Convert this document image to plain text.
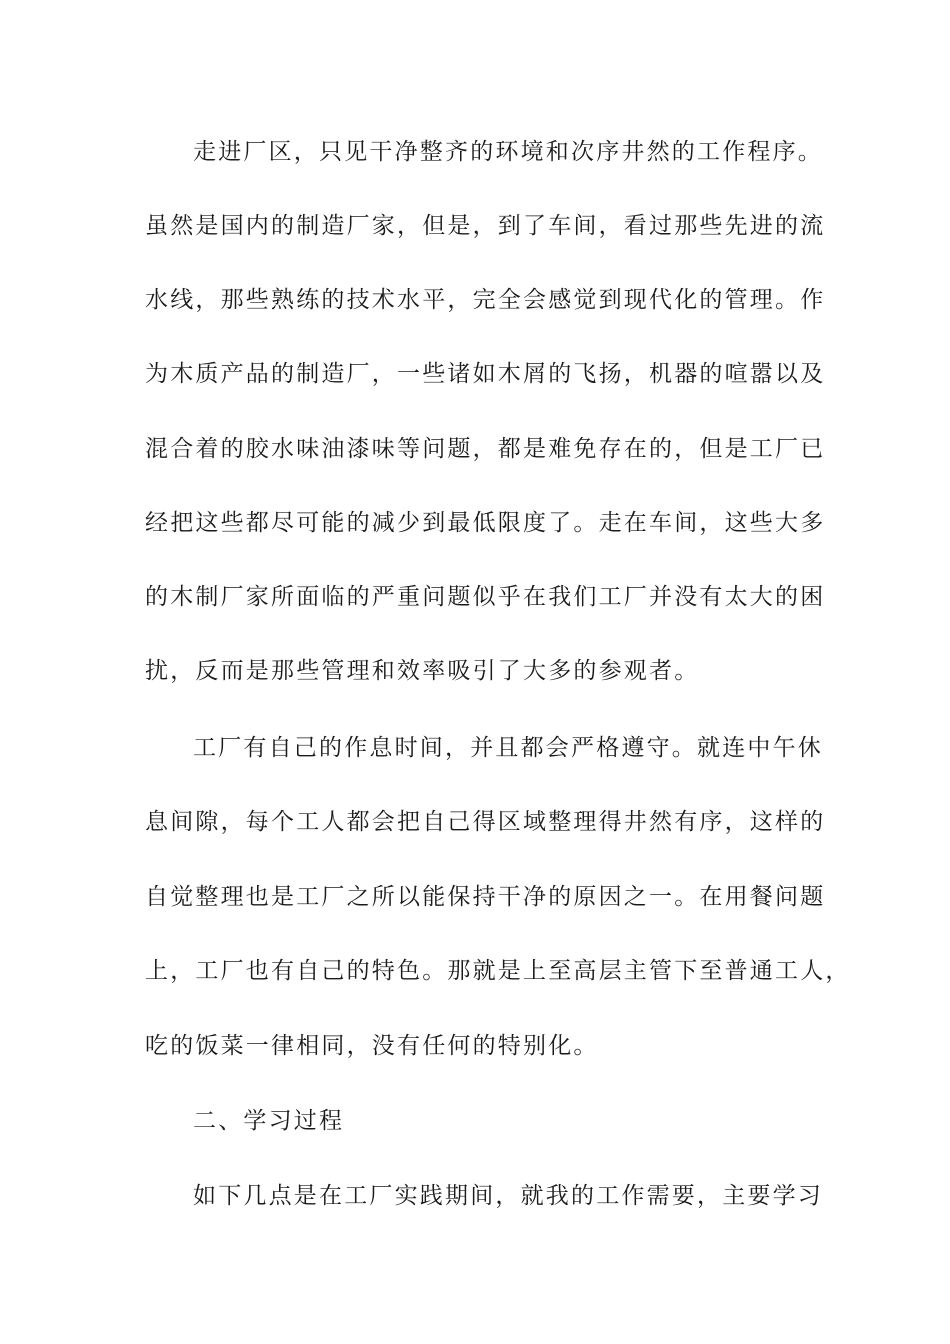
走进厂区，只见干净整齐的环境和次序井然的工作程序。
虽然是国内的制造厂家，但是，到了车间，看过那些先进的流
水线，那些熟练的技术水平，完全会感觉到现代化的管理。作
为木质产品的制造厂，一些诸如木屑的飞扬，机器的喧嚣以及
混合着的胶水味油漆味等问题，都是难免存在的，但是工厂已
经把这些都尽可能的减少到最低限度了。走在车间，这些大多
的木制厂家所面临的严重问题似乎在我们工厂并没有太大的困
扰，反而是那些管理和效率吸引了大多的参观者。
工厂有自己的作息时间，并且都会严格遵守。就连中午休
息间隙，每个工人都会把自己得区域整理得井然有序，这样的
自觉整理也是工厂之所以能保持干净的原因之一。在用餐问题
上，工厂也有自己的特色。那就是上至高层主管下至普通工人，
吃的饭菜一律相同，没有任何的特别化。
二、学习过程
如下几点是在工厂实践期间，就我的工作需要，主要学习
